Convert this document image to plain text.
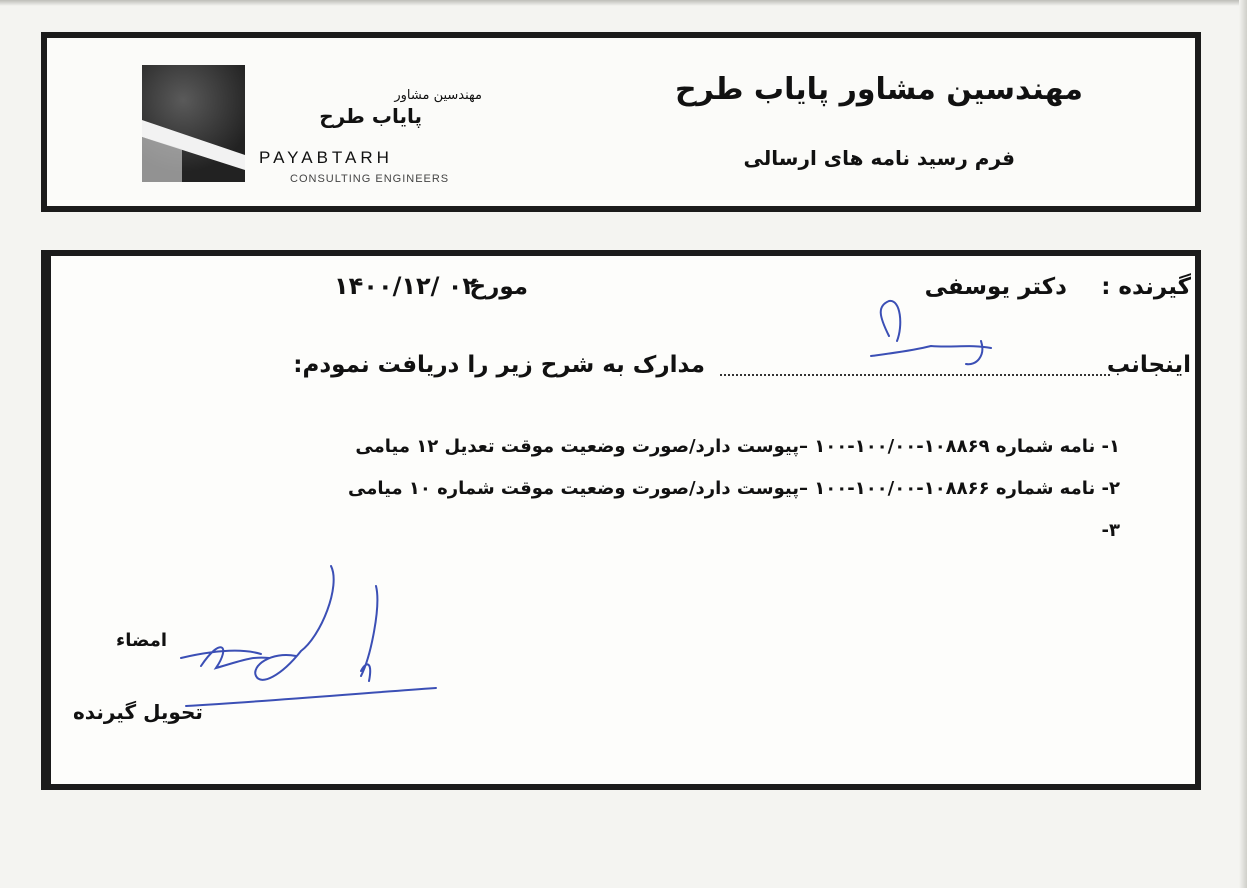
مهندسین مشاور
پایاب طرح
PAYABTARH
CONSULTING ENGINEERS
مهندسین مشاور پایاب طرح
فرم رسید نامه های ارسالی
گیرنده :
دکتر یوسفی
مورخ
۱۴۰۰/۱۲/ ۰۲
اینجانب
مدارک به شرح زیر را دریافت نمودم:
۱- نامه شماره ۱۰۸۸۶۹-۱۰۰/۰۰-۱۰۰ –پیوست دارد/صورت وضعیت موقت تعدیل ۱۲ میامی
۲- نامه شماره ۱۰۸۸۶۶-۱۰۰/۰۰-۱۰۰ –پیوست دارد/صورت وضعیت موقت شماره ۱۰ میامی
۳-
امضاء
تحویل گیرنده
